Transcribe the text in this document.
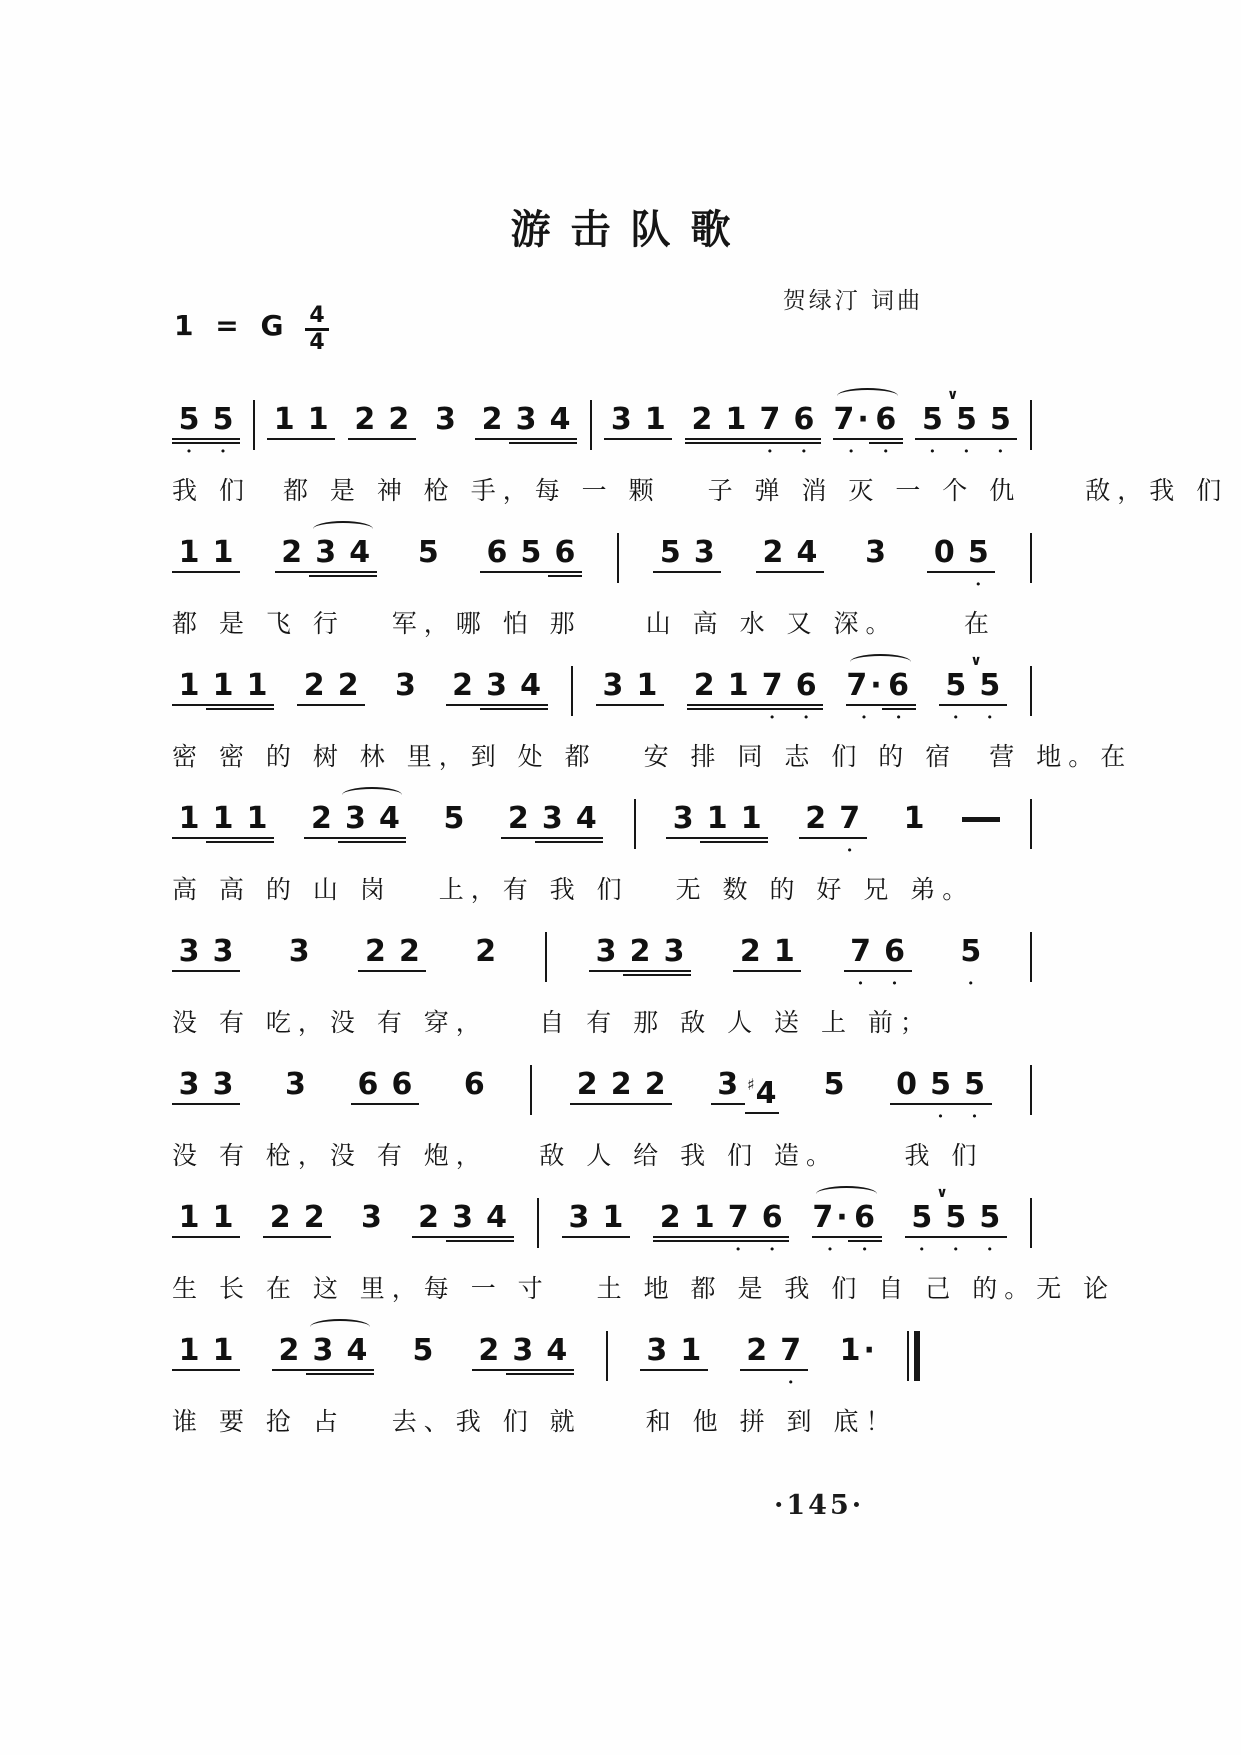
游击队歌
贺绿汀 词曲
1 = G $\frac{4}{4}$
5
•
5
•
1 1 2 2 3 2 3 4 3 1 2 1 7
•
6
•
7 ·
•
6
•
5
•
∨
5
•
5
•
我 们　都 是 神 枪 手，每 一 颗　 子 弹 消 灭 一 个 仇　　敌，我 们
1 1 2 3 4 5 6 5 6	5 3 2 4 3 0 5
•
都 是 飞 行　 军，哪 怕 那　　山 高 水 又 深。　　 在
1 1 1 2 2 3 2 3 4 3 1 2 1 7
•
6
•
7 ·
•
6
•
5
•
∨
5
•
密 密 的 树 林 里，到 处 都　 安 排 同 志 们 的 宿　营 地。在
1 1 1 2 3 4 5 2 3 4	3 1 1 2 7
•
1
高 高 的 山 岗　 上，有 我 们　 无 数 的 好 兄 弟。
3 3 3 2 2 2	3 2 3 2 1 7
•
6
•
5
•
没 有 吃，没 有 穿，　　自 有 那 敌 人 送 上 前；
3 3 3 6 6 6	2 2 2 3 ♯4 5 0 5
•
5
•
没 有 枪，没 有 炮，　　敌 人 给 我 们 造。　　 我 们
1 1 2 2 3 2 3 4 3 1 2 1 7
•
6
•
7 ·
•
6
•
5
•
∨
5
•
5
•
生 长 在 这 里，每 一 寸　 土 地 都 是 我 们 自 己 的。无 论
1 1 2 3 4 5 2 3 4	3 1 2 7
•
1 ·
谁 要 抢 占　 去、我 们 就　　和 他 拼 到 底！
·145·
